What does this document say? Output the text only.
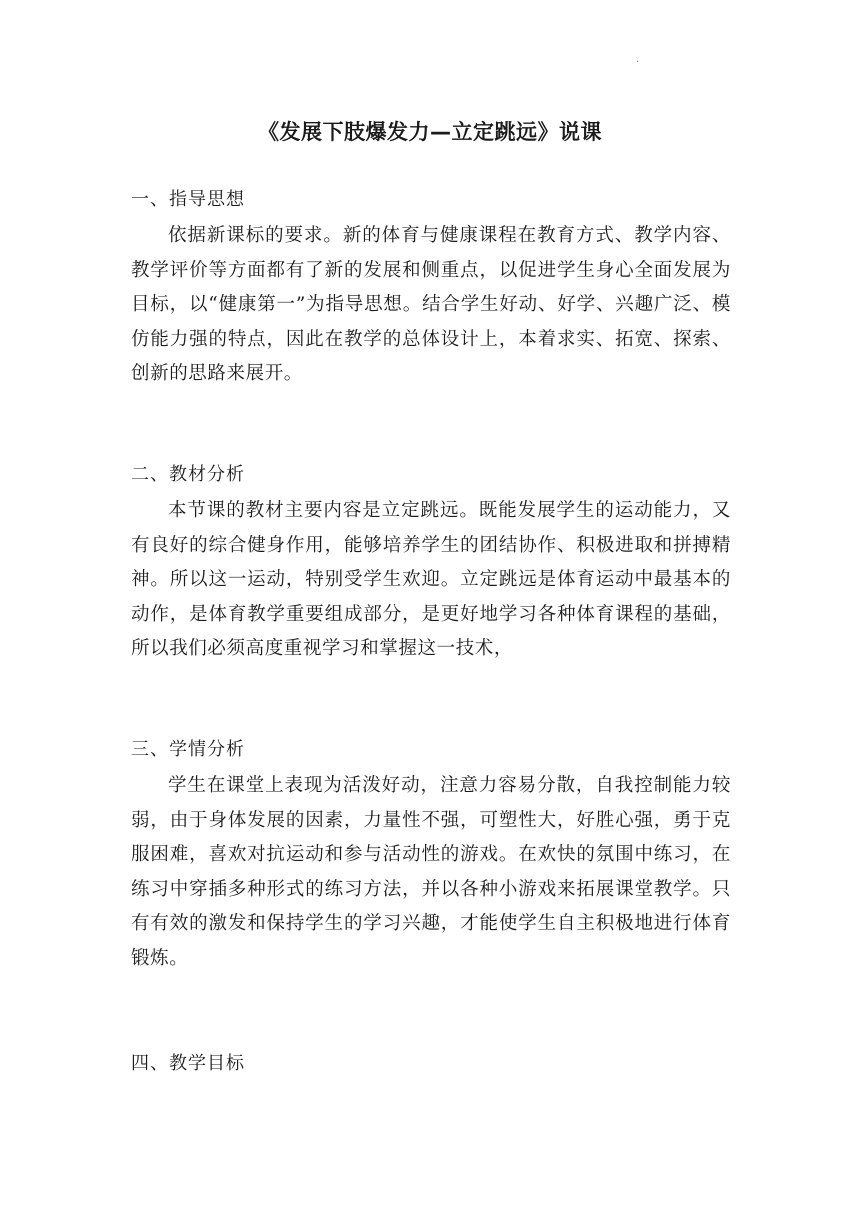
·
《发展下肢爆发力—立定跳远》说课
一、指导思想

依据新课标的要求。新的体育与健康课程在教育方式、教学内容、教学评价等方面都有了新的发展和侧重点，以促进学生身心全面发展为目标，以“健康第一”为指导思想。结合学生好动、好学、兴趣广泛、模仿能力强的特点，因此在教学的总体设计上，本着求实、拓宽、探索、创新的思路来展开。

二、教材分析

本节课的教材主要内容是立定跳远。既能发展学生的运动能力，又有良好的综合健身作用，能够培养学生的团结协作、积极进取和拼搏精神。所以这一运动，特别受学生欢迎。立定跳远是体育运动中最基本的动作，是体育教学重要组成部分，是更好地学习各种体育课程的基础，所以我们必须高度重视学习和掌握这一技术，

三、学情分析

学生在课堂上表现为活泼好动，注意力容易分散，自我控制能力较弱，由于身体发展的因素，力量性不强，可塑性大，好胜心强，勇于克服困难，喜欢对抗运动和参与活动性的游戏。在欢快的氛围中练习，在练习中穿插多种形式的练习方法，并以各种小游戏来拓展课堂教学。只有有效的激发和保持学生的学习兴趣，才能使学生自主积极地进行体育锻炼。

四、教学目标
